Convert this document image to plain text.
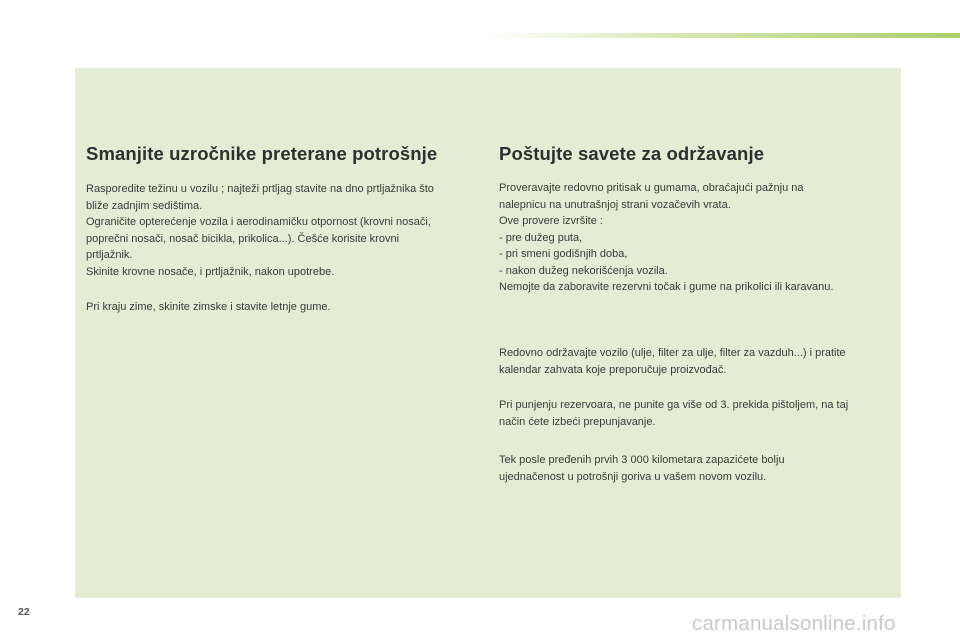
Smanjite uzročnike preterane potrošnje

Rasporedite težinu u vozilu ; najteži prtljag stavite na dno prtljažnika što
bliže zadnjim sedištima.
Ograničite opterećenje vozila i aerodinamičku otpornost (krovni nosači,
poprečni nosači, nosač bicikla, prikolica...). Češće korisite krovni
prtljažnik.
Skinite krovne nosače, i prtljažnik, nakon upotrebe.

Pri kraju zime, skinite zimske i stavite letnje gume.

Poštujte savete za održavanje

Proveravajte redovno pritisak u gumama, obraćajući pažnju na
nalepnicu na unutrašnjoj strani vozačevih vrata.
Ove provere izvršite :
- pre dužeg puta,
- pri smeni godišnjih doba,
- nakon dužeg nekorišćenja vozila.
Nemojte da zaboravite rezervni točak i gume na prikolici ili karavanu.

Redovno održavajte vozilo (ulje, filter za ulje, filter za vazduh...) i pratite
kalendar zahvata koje preporučuje proizvođač.

Pri punjenju rezervoara, ne punite ga više od 3. prekida pištoljem, na taj
način ćete izbeći prepunjavanje.

Tek posle pređenih prvih 3 000 kilometara zapazićete bolju
ujednačenost u potrošnji goriva u vašem novom vozilu.

22	carmanualsonline.info
